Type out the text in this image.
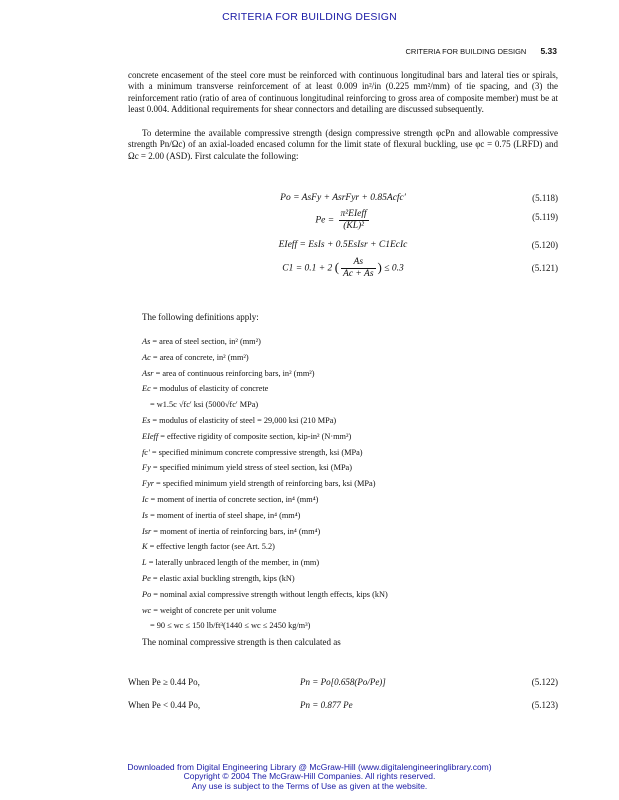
CRITERIA FOR BUILDING DESIGN
CRITERIA FOR BUILDING DESIGN 5.33
concrete encasement of the steel core must be reinforced with continuous longitudinal bars and lateral ties or spirals, with a minimum transverse reinforcement of at least 0.009 in²/in (0.225 mm²/mm) of tie spacing, and (3) the reinforcement ratio (ratio of area of continuous longitudinal reinforcing to gross area of composite member) must be at least 0.004. Additional requirements for shear connectors and detailing are discussed subsequently.
To determine the available compressive strength (design compressive strength φcPn and allowable compressive strength Pn/Ωc) of an axial-loaded encased column for the limit state of flexural buckling, use φc = 0.75 (LRFD) and Ωc = 2.00 (ASD). First calculate the following:
Po = AsFy + AsrFyr + 0.85Acfc′	(5.118)
$Pe = \frac{\text{π²EIeff}}{\text{(KL)²}}$	(5.119)
EIeff = EsIs + 0.5EsIsr + C1EcIc	(5.120)
C1 = 0.1 + 2 ( $\frac{As}{Ac + As}$ ) ≤ 0.3	(5.121)
The following definitions apply:
As = area of steel section, in² (mm²)
Ac = area of concrete, in² (mm²)
Asr = area of continuous reinforcing bars, in² (mm²)
Ec = modulus of elasticity of concrete
= w1.5c √fc′ ksi (5000√fc′ MPa)
Es = modulus of elasticity of steel = 29,000 ksi (210 MPa)
EIeff = effective rigidity of composite section, kip-in² (N·mm²)
fc′ = specified minimum concrete compressive strength, ksi (MPa)
Fy = specified minimum yield stress of steel section, ksi (MPa)
Fyr = specified minimum yield strength of reinforcing bars, ksi (MPa)
Ic = moment of inertia of concrete section, in⁴ (mm⁴)
Is = moment of inertia of steel shape, in⁴ (mm⁴)
Isr = moment of inertia of reinforcing bars, in⁴ (mm⁴)
K = effective length factor (see Art. 5.2)
L = laterally unbraced length of the member, in (mm)
Pe = elastic axial buckling strength, kips (kN)
Po = nominal axial compressive strength without length effects, kips (kN)
wc = weight of concrete per unit volume
= 90 ≤ wc ≤ 150 lb/ft³(1440 ≤ wc ≤ 2450 kg/m³)
The nominal compressive strength is then calculated as
When Pe ≥ 0.44 Po,	Pn = Po[0.658(Po/Pe)]	(5.122)
When Pe < 0.44 Po,	Pn = 0.877 Pe	(5.123)
Downloaded from Digital Engineering Library @ McGraw-Hill (www.digitalengineeringlibrary.com)
Copyright © 2004 The McGraw-Hill Companies. All rights reserved.
Any use is subject to the Terms of Use as given at the website.
